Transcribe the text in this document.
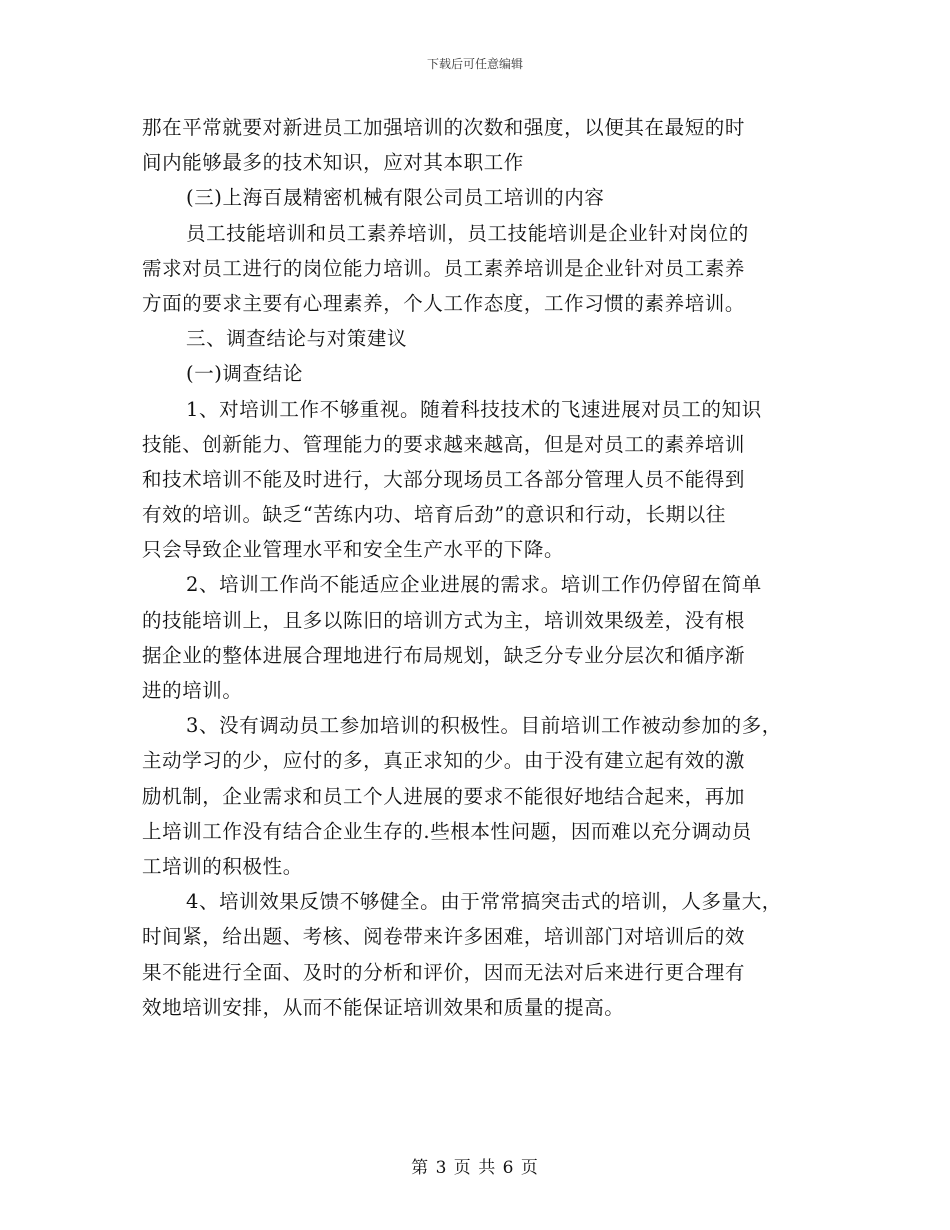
下载后可任意编辑
那在平常就要对新进员工加强培训的次数和强度，以便其在最短的时
间内能够最多的技术知识，应对其本职工作
(三)上海百晟精密机械有限公司员工培训的内容
员工技能培训和员工素养培训，员工技能培训是企业针对岗位的
需求对员工进行的岗位能力培训。员工素养培训是企业针对员工素养
方面的要求主要有心理素养，个人工作态度，工作习惯的素养培训。
三、调查结论与对策建议
(一)调查结论
1、对培训工作不够重视。随着科技技术的飞速进展对员工的知识
技能、创新能力、管理能力的要求越来越高，但是对员工的素养培训
和技术培训不能及时进行，大部分现场员工各部分管理人员不能得到
有效的培训。缺乏“苦练内功、培育后劲”的意识和行动，长期以往
只会导致企业管理水平和安全生产水平的下降。
2、培训工作尚不能适应企业进展的需求。培训工作仍停留在简单
的技能培训上，且多以陈旧的培训方式为主，培训效果级差，没有根
据企业的整体进展合理地进行布局规划，缺乏分专业分层次和循序渐
进的培训。
3、没有调动员工参加培训的积极性。目前培训工作被动参加的多，
主动学习的少，应付的多，真正求知的少。由于没有建立起有效的激
励机制，企业需求和员工个人进展的要求不能很好地结合起来，再加
上培训工作没有结合企业生存的.些根本性问题，因而难以充分调动员
工培训的积极性。
4、培训效果反馈不够健全。由于常常搞突击式的培训，人多量大，
时间紧，给出题、考核、阅卷带来许多困难，培训部门对培训后的效
果不能进行全面、及时的分析和评价，因而无法对后来进行更合理有
效地培训安排，从而不能保证培训效果和质量的提高。
第 3 页 共 6 页
